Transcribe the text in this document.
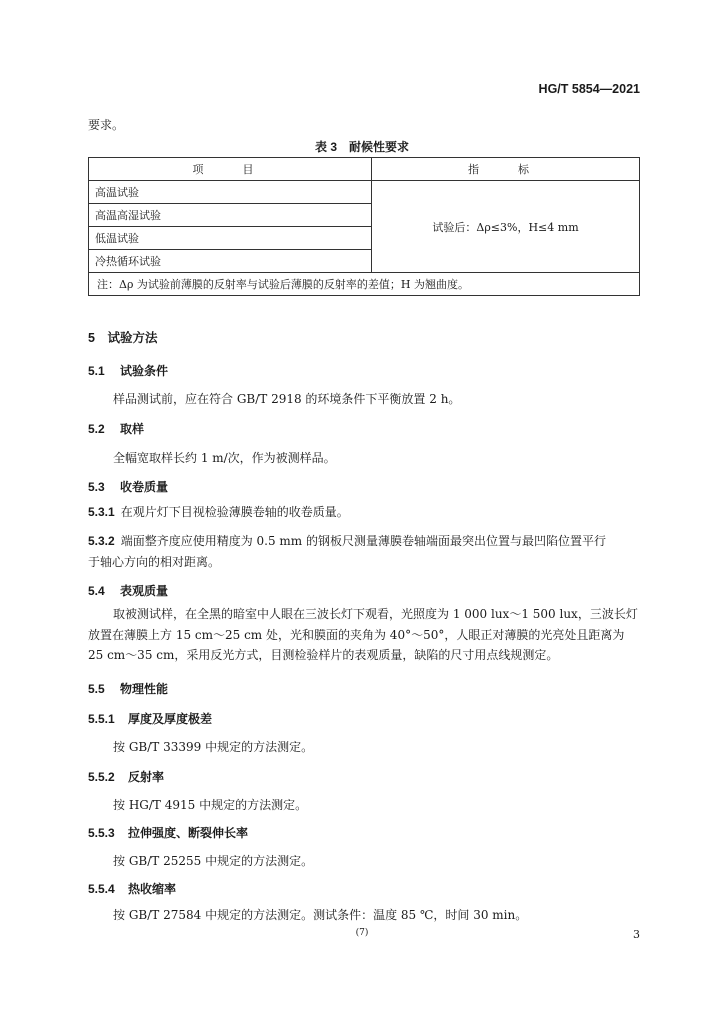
HG/T 5854—2021
要求。
表 3　耐候性要求
项　目	指　标
高温试验	试验后：Δρ≤3%，H≤4 mm
高温高湿试验	
低温试验	
冷热循环试验	
注：Δρ 为试验前薄膜的反射率与试验后薄膜的反射率的差值；H 为翘曲度。	
5　试验方法
5.1 试验条件
样品测试前，应在符合 GB/T 2918 的环境条件下平衡放置 2 h。
5.2 取样
全幅宽取样长约 1 m/次，作为被测样品。
5.3 收卷质量
5.3.1 在观片灯下目视检验薄膜卷轴的收卷质量。
5.3.2 端面整齐度应使用精度为 0.5 mm 的钢板尺测量薄膜卷轴端面最突出位置与最凹陷位置平行
于轴心方向的相对距离。
5.4 表观质量
取被测试样，在全黑的暗室中人眼在三波长灯下观看，光照度为 1 000 lux～1 500 lux，三波长灯
放置在薄膜上方 15 cm～25 cm 处，光和膜面的夹角为 40°～50°，人眼正对薄膜的光亮处且距离为
25 cm～35 cm，采用反光方式，目测检验样片的表观质量，缺陷的尺寸用点线规测定。
5.5 物理性能
5.5.1 厚度及厚度极差
按 GB/T 33399 中规定的方法测定。
5.5.2 反射率
按 HG/T 4915 中规定的方法测定。
5.5.3 拉伸强度、断裂伸长率
按 GB/T 25255 中规定的方法测定。
5.5.4 热收缩率
按 GB/T 27584 中规定的方法测定。测试条件：温度 85 ℃，时间 30 min。
(7)	3
